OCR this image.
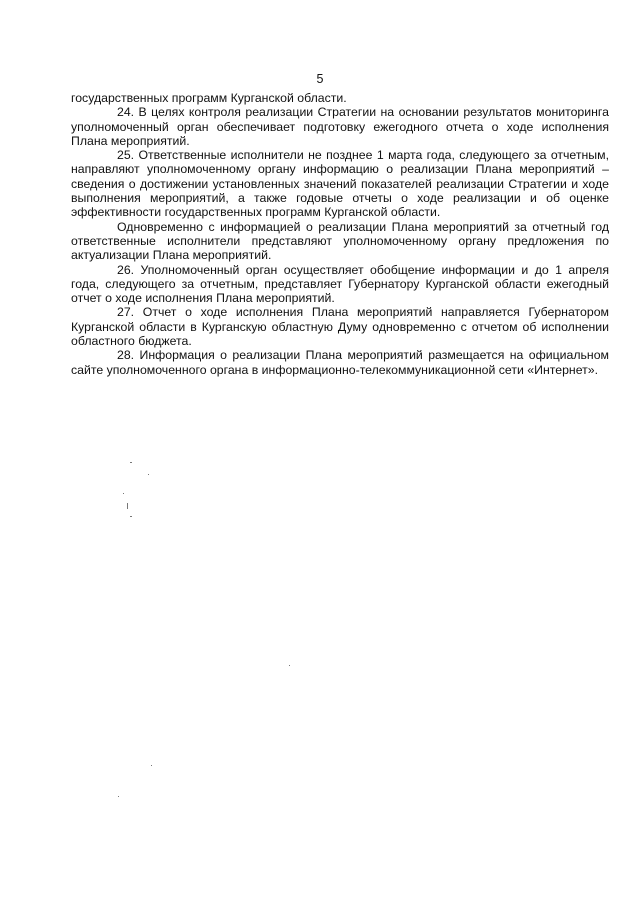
5

государственных программ Курганской области.

24. В целях контроля реализации Стратегии на основании результатов мониторинга уполномоченный орган обеспечивает подготовку ежегодного отчета о ходе исполнения Плана мероприятий.

25. Ответственные исполнители не позднее 1 марта года, следующего за отчетным, направляют уполномоченному органу информацию о реализации Плана мероприятий – сведения о достижении установленных значений показателей реализации Стратегии и ходе выполнения мероприятий, а также годовые отчеты о ходе реализации и об оценке эффективности государственных программ Курганской области.

Одновременно с информацией о реализации Плана мероприятий за отчетный год ответственные исполнители представляют уполномоченному органу предложения по актуализации Плана мероприятий.

26. Уполномоченный орган осуществляет обобщение информации и до 1 апреля года, следующего за отчетным, представляет Губернатору Курганской области ежегодный отчет о ходе исполнения Плана мероприятий.

27. Отчет о ходе исполнения Плана мероприятий направляется Губернатором Курганской области в Курганскую областную Думу одновременно с отчетом об исполнении областного бюджета.

28. Информация о реализации Плана мероприятий размещается на официальном сайте уполномоченного органа в информационно-телекоммуникационной сети «Интернет».
